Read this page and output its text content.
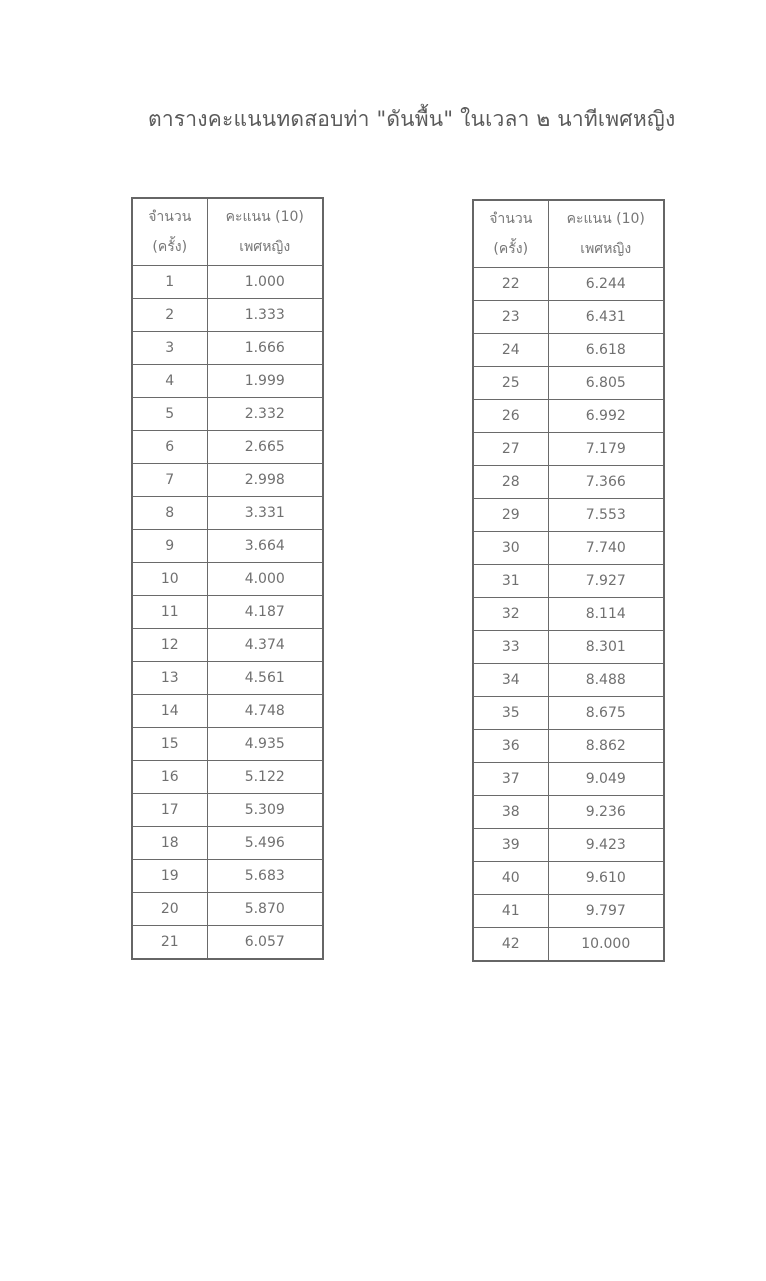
ตารางคะแนนทดสอบท่า "ดันพื้น" ในเวลา ๒ นาทีเพศหญิง
จำนวน
(ครั้ง)	คะแนน (10)
เพศหญิง

1	1.000
2	1.333
3	1.666
4	1.999
5	2.332
6	2.665
7	2.998
8	3.331
9	3.664
10	4.000
11	4.187
12	4.374
13	4.561
14	4.748
15	4.935
16	5.122
17	5.309
18	5.496
19	5.683
20	5.870
21	6.057
จำนวน
(ครั้ง)	คะแนน (10)
เพศหญิง

22	6.244
23	6.431
24	6.618
25	6.805
26	6.992
27	7.179
28	7.366
29	7.553
30	7.740
31	7.927
32	8.114
33	8.301
34	8.488
35	8.675
36	8.862
37	9.049
38	9.236
39	9.423
40	9.610
41	9.797
42	10.000
